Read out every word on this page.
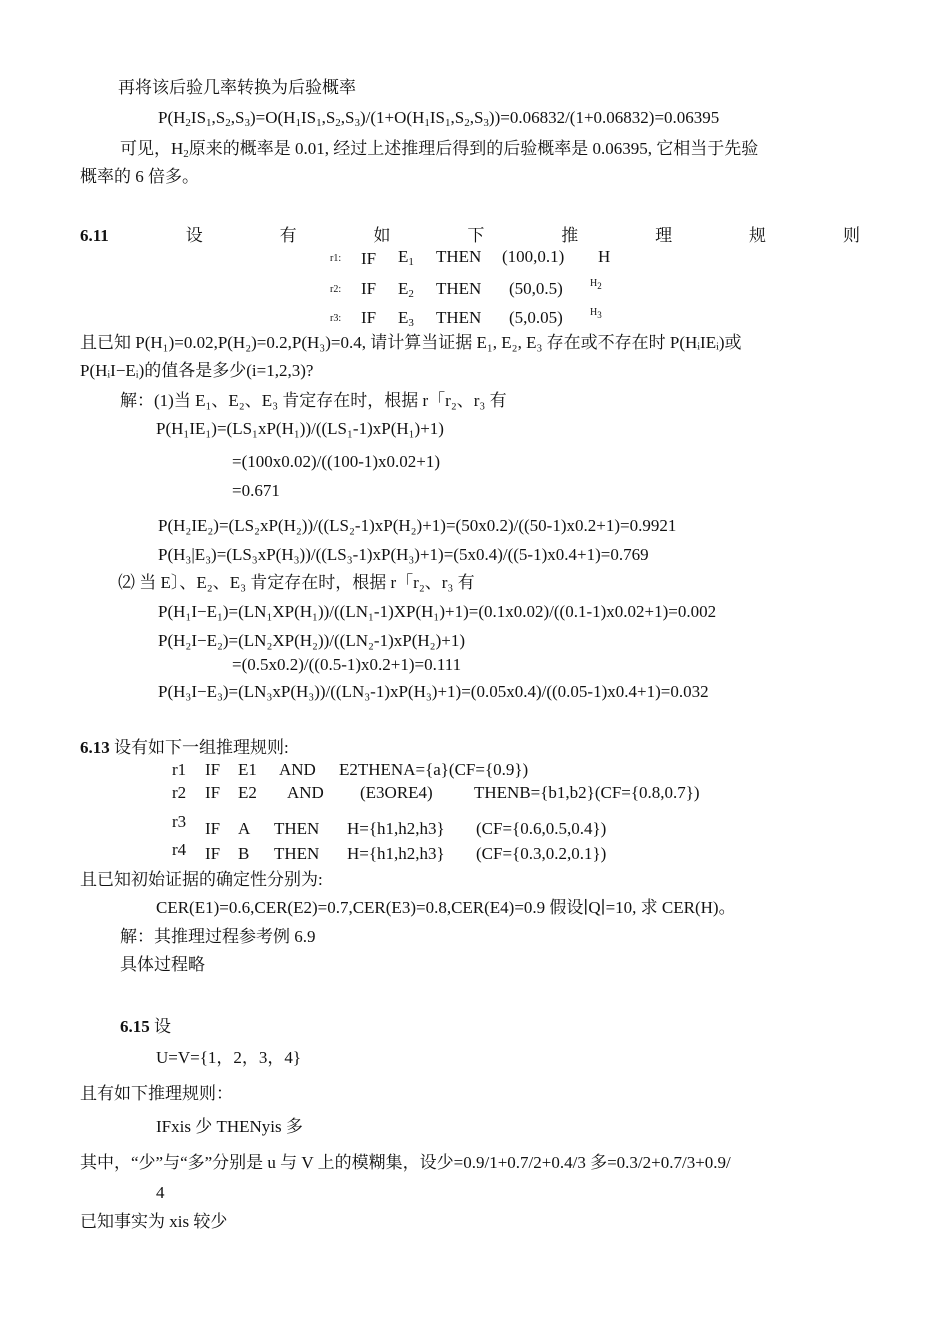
再将该后验几率转换为后验概率
$P(H_2IS_1,S_2,S_3)=O(H_1IS_1,S_2,S_3)/(1+O(H_1IS_1,S_2,S_3))=0.06832/(1+0.06832)=0.06395$
可见，$H_2$原来的概率是 0.01, 经过上述推理后得到的后验概率是 0.06395, 它相当于先验
概率的 6 倍多。
6.11	设	有	如	下	推	理	规	则
r1: IF $E_1$ THEN (100,0.1) H
r2: IF $E_2$ THEN (50,0.5)	$H_2$
r3: IF $E_3$ THEN (5,0.05)	$H_3$
且已知 P(H₁)=0.02,P(H₂)=0.2,P(H₃)=0.4, 请计算当证据 E₁, E₂, E₃ 存在或不存在时 P(HᵢIEᵢ)或
P(HᵢI−Eᵢ)的值各是多少(i=1,2,3)?
解：(1)当 E₁、E₂、E₃ 肯定存在时，根据 r「r₂、r₃ 有
P(H₁IE₁)=(LS₁xP(H₁))/((LS₁-1)xP(H₁)+1)
=(100x0.02)/((100-1)x0.02+1)
=0.671
P(H₂IE₂)=(LS₂xP(H₂))/((LS₂-1)xP(H₂)+1)=(50x0.2)/((50-1)x0.2+1)=0.9921
P(H₃|E₃)=(LS₃xP(H₃))/((LS₃-1)xP(H₃)+1)=(5x0.4)/((5-1)x0.4+1)=0.769
⑵ 当 E〕、E₂、E₃ 肯定存在时，根据 r「r₂、r₃ 有
P(H₁I−E₁)=(LN₁XP(H₁))/((LN₁-1)XP(H₁)+1)=(0.1x0.02)/((0.1-1)x0.02+1)=0.002
P(H₂I−E₂)=(LN₂XP(H₂))/((LN₂-1)xP(H₂)+1)
=(0.5x0.2)/((0.5-1)x0.2+1)=0.111
P(H₃I−E₃)=(LN₃xP(H₃))/((LN₃-1)xP(H₃)+1)=(0.05x0.4)/((0.05-1)x0.4+1)=0.032
6.13 设有如下一组推理规则:
r1 IF E1 AND E2THENA={a}(CF={0.9})
r2 IF E2 AND (E3ORE4) THENB={b1,b2}(CF={0.8,0.7})
r3 IF A THEN H={h1,h2,h3} (CF={0.6,0.5,0.4})
r4 IF B THEN H={h1,h2,h3} (CF={0.3,0.2,0.1})
且已知初始证据的确定性分别为:
CER(E1)=0.6,CER(E2)=0.7,CER(E3)=0.8,CER(E4)=0.9 假设∣Q∣=10, 求 CER(H)。
解：其推理过程参考例 6.9
具体过程略
6.15 设
U=V={1，2，3，4}
且有如下推理规则：
IFxis 少 THENyis 多
其中，“少”与“多”分别是 u 与 V 上的模糊集，设少=0.9/1+0.7/2+0.4/3 多=0.3/2+0.7/3+0.9/
4
已知事实为 xis 较少
